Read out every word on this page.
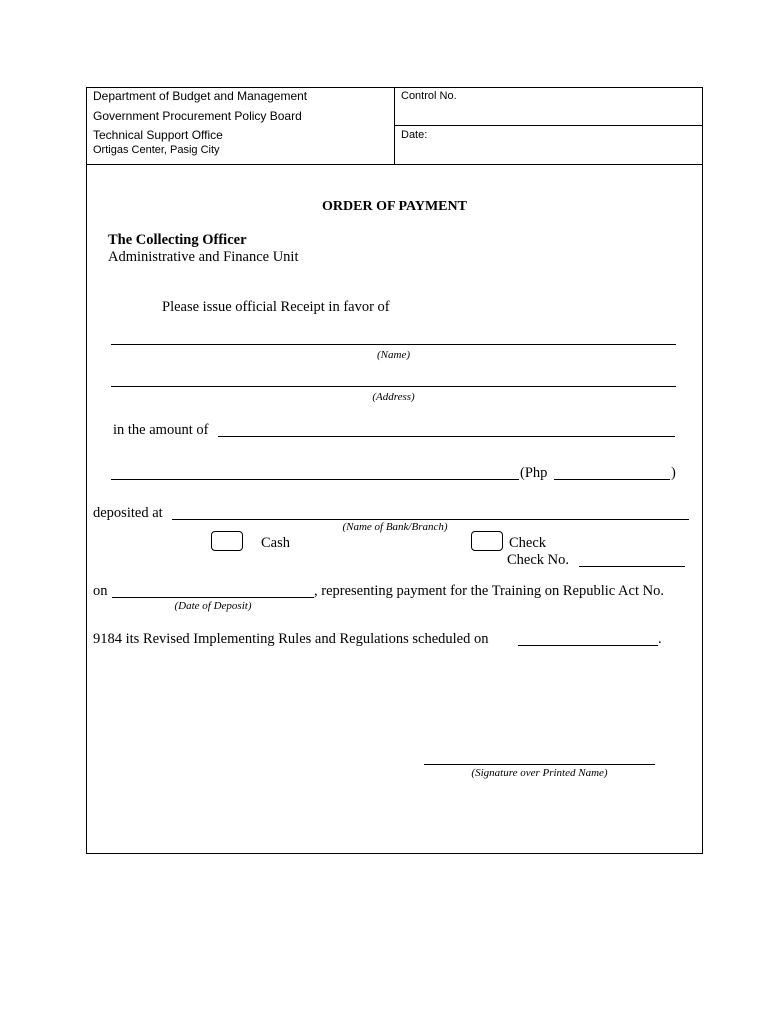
Department of Budget and Management
Government Procurement Policy Board
Technical Support Office
Ortigas Center, Pasig City
Control No.
Date:
ORDER OF PAYMENT
The Collecting Officer
Administrative and Finance Unit
Please issue official Receipt in favor of
(Name)
(Address)
in the amount of
(Php	)
deposited at
(Name of Bank/Branch)
Cash	Check
Check No.
on	, representing payment for the Training on Republic Act No.
(Date of Deposit)
9184 its Revised Implementing Rules and Regulations scheduled on	.
(Signature over Printed Name)
